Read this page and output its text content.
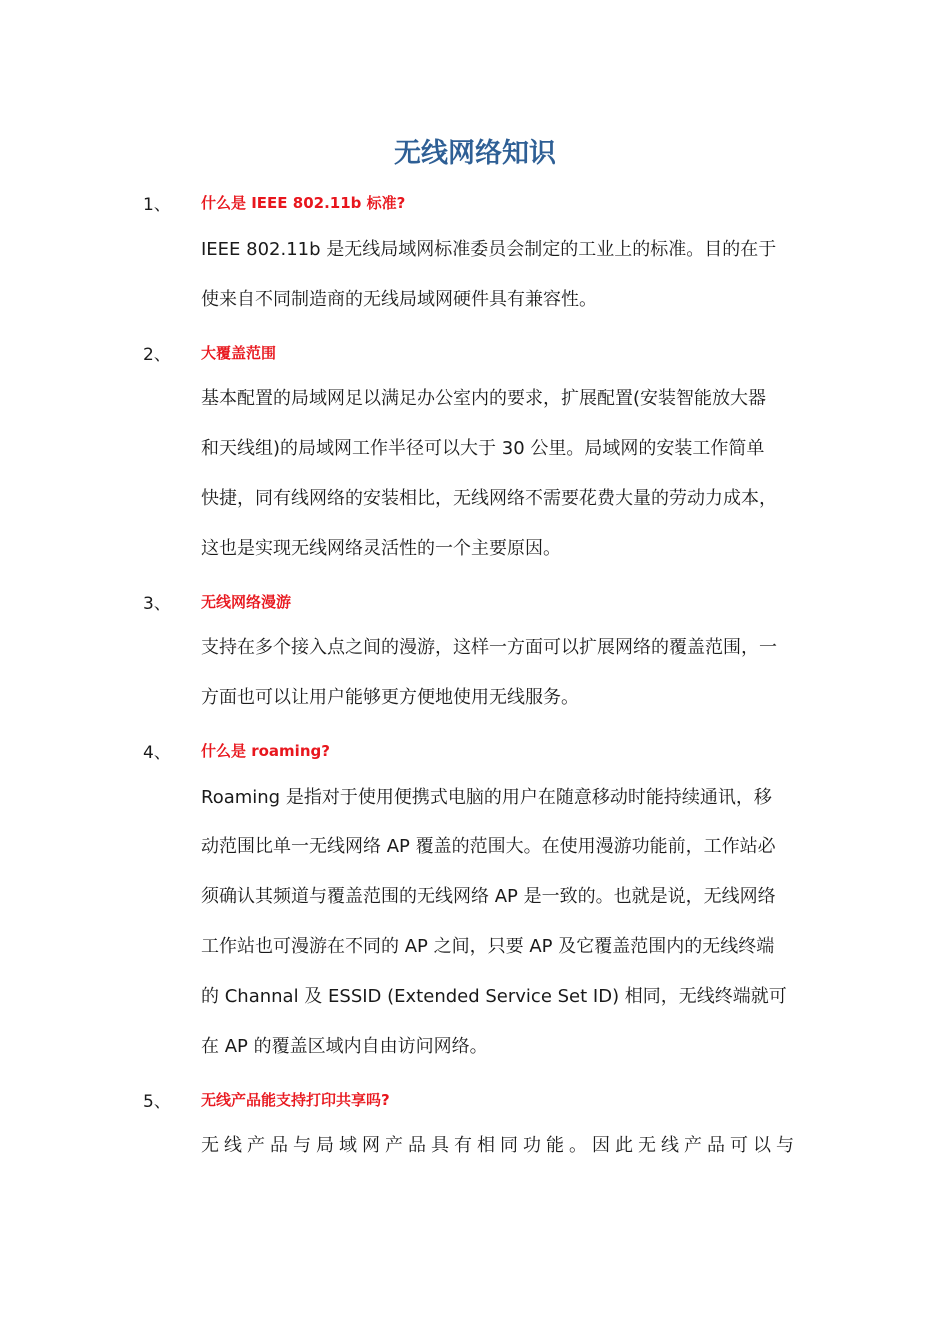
无线网络知识
1、 什么是 IEEE 802.11b 标准?
IEEE 802.11b 是无线局域网标准委员会制定的工业上的标准。目的在于
使来自不同制造商的无线局域网硬件具有兼容性。
2、 大覆盖范围
基本配置的局域网足以满足办公室内的要求，扩展配置(安装智能放大器
和天线组)的局域网工作半径可以大于 30 公里。局域网的安装工作简单
快捷，同有线网络的安装相比，无线网络不需要花费大量的劳动力成本，
这也是实现无线网络灵活性的一个主要原因。
3、 无线网络漫游
支持在多个接入点之间的漫游，这样一方面可以扩展网络的覆盖范围，一
方面也可以让用户能够更方便地使用无线服务。
4、 什么是 roaming?
Roaming 是指对于使用便携式电脑的用户在随意移动时能持续通讯，移
动范围比单一无线网络 AP 覆盖的范围大。在使用漫游功能前，工作站必
须确认其频道与覆盖范围的无线网络 AP 是一致的。也就是说，无线网络
工作站也可漫游在不同的 AP 之间，只要 AP 及它覆盖范围内的无线终端
的 Channal 及 ESSID (Extended Service Set ID) 相同，无线终端就可
在 AP 的覆盖区域内自由访问网络。
5、 无线产品能支持打印共享吗?
无线产品与局域网产品具有相同功能。因此无线产品可以与
